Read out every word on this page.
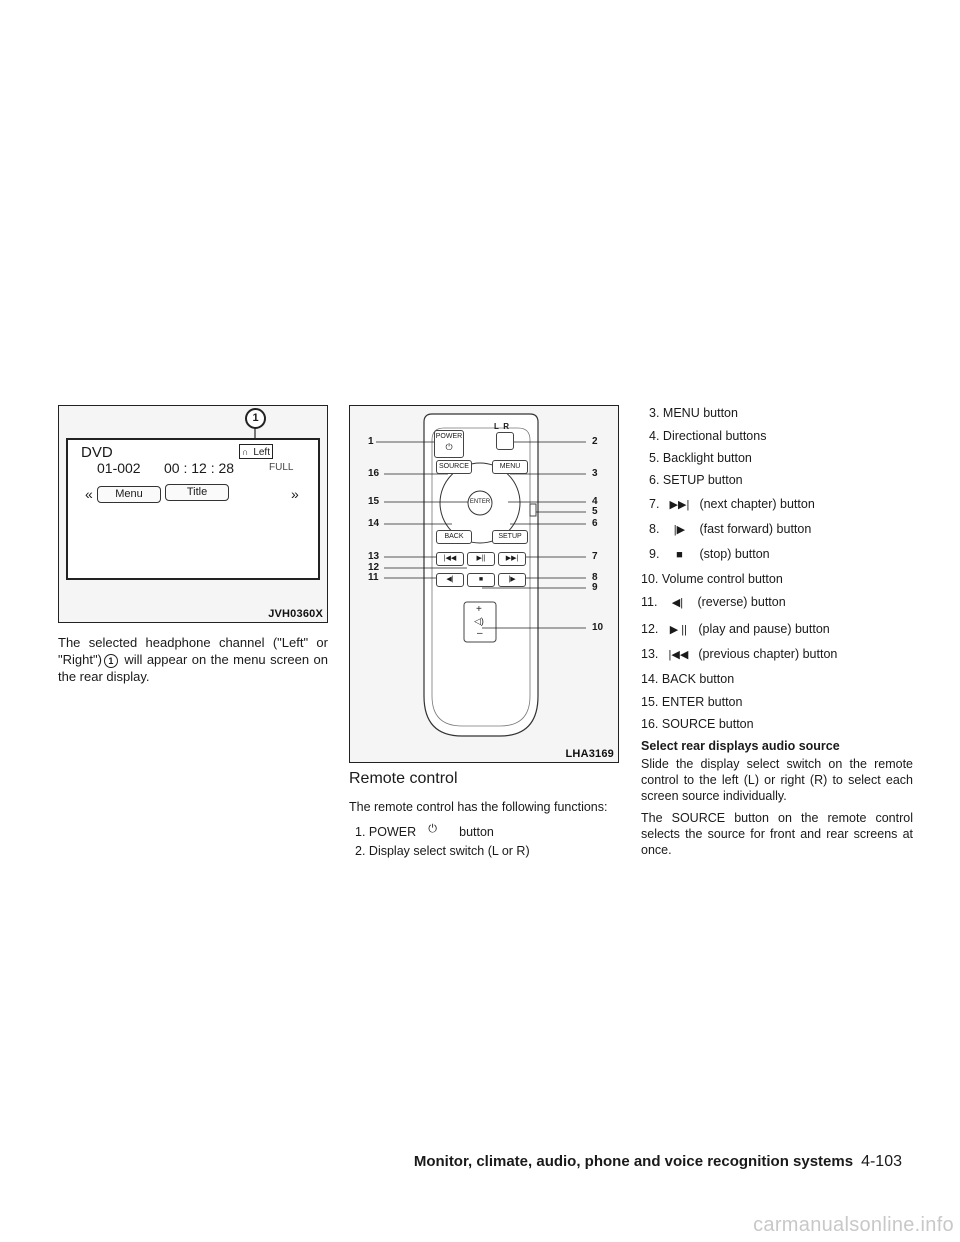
1
DVD
01-002 00 : 12 : 28
∩ Left
FULL
«	Menu	Title	»
JVH0360X

The selected headphone channel ("Left" or "Right") 1 will appear on the menu screen on the rear display.

POWER
⏻
L  R
SOURCE	MENU
ENTER
BACK	SETUP
|◀◀	▶||	▶▶|
◀|	■	|▶
+
◁)
–
1
16
15
14
13
12
11
2
3
4
5
6
7
8
9
10
LHA3169
Remote control

The remote control has the following functions:

1. POWER ⏻ button
2. Display select switch (L or R)
3. MENU button
4. Directional buttons
5. Backlight button
6. SETUP button
7. ▶▶| (next chapter) button
8. |▶ (fast forward) button
9. ■ (stop) button
10. Volume control button
11. ◀| (reverse) button
12. ▶ || (play and pause) button
13. |◀◀ (previous chapter) button
14. BACK button
15. ENTER button
16. SOURCE button
Select rear displays audio source

Slide the display select switch on the remote control to the left (L) or right (R) to select each screen source individually.

The SOURCE button on the remote control selects the source for front and rear screens at once.

Monitor, climate, audio, phone and voice recognition systems 4-103
carmanualsonline.info
